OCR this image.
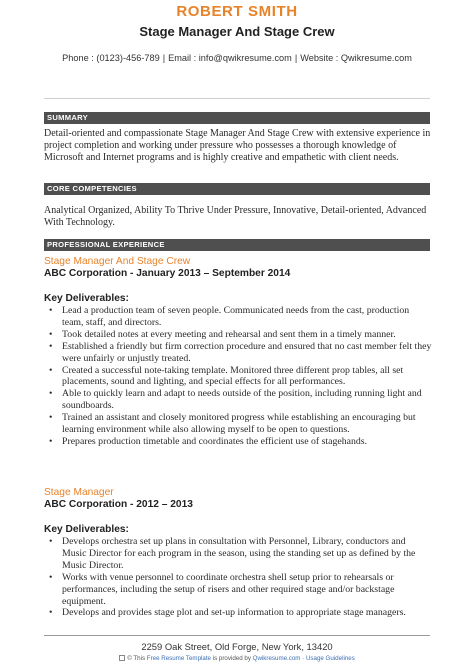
ROBERT SMITH
Stage Manager And Stage Crew
Phone : (0123)-456-789 | Email : info@qwikresume.com | Website : Qwikresume.com
SUMMARY
Detail-oriented and compassionate Stage Manager And Stage Crew with extensive experience in project completion and working under pressure who possesses a thorough knowledge of Microsoft and Internet programs and is highly creative and empathetic with client needs.
CORE COMPETENCIES
Analytical Organized, Ability To Thrive Under Pressure, Innovative, Detail-oriented, Advanced With Technology.
PROFESSIONAL EXPERIENCE
Stage Manager And Stage Crew
ABC Corporation - January 2013 – September 2014
Key Deliverables:
• Lead a production team of seven people. Communicated needs from the cast, production team, staff, and directors.
• Took detailed notes at every meeting and rehearsal and sent them in a timely manner.
• Established a friendly but firm correction procedure and ensured that no cast member felt they were unfairly or unjustly treated.
• Created a successful note-taking template. Monitored three different prop tables, all set placements, sound and lighting, and special effects for all performances.
• Able to quickly learn and adapt to needs outside of the position, including running light and soundboards.
• Trained an assistant and closely monitored progress while establishing an encouraging but learning environment while also allowing myself to be open to questions.
• Prepares production timetable and coordinates the efficient use of stagehands.
Stage Manager
ABC Corporation - 2012 – 2013
Key Deliverables:
• Develops orchestra set up plans in consultation with Personnel, Library, conductors and Music Director for each program in the season, using the standing set up as defined by the Music Director.
• Works with venue personnel to coordinate orchestra shell setup prior to rehearsals or performances, including the setup of risers and other required stage and/or backstage equipment.
• Develops and provides stage plot and set-up information to appropriate stage managers.
2259 Oak Street, Old Forge, New York, 13420
© This Free Resume Template is provided by Qwikresume.com · Usage Guidelines
